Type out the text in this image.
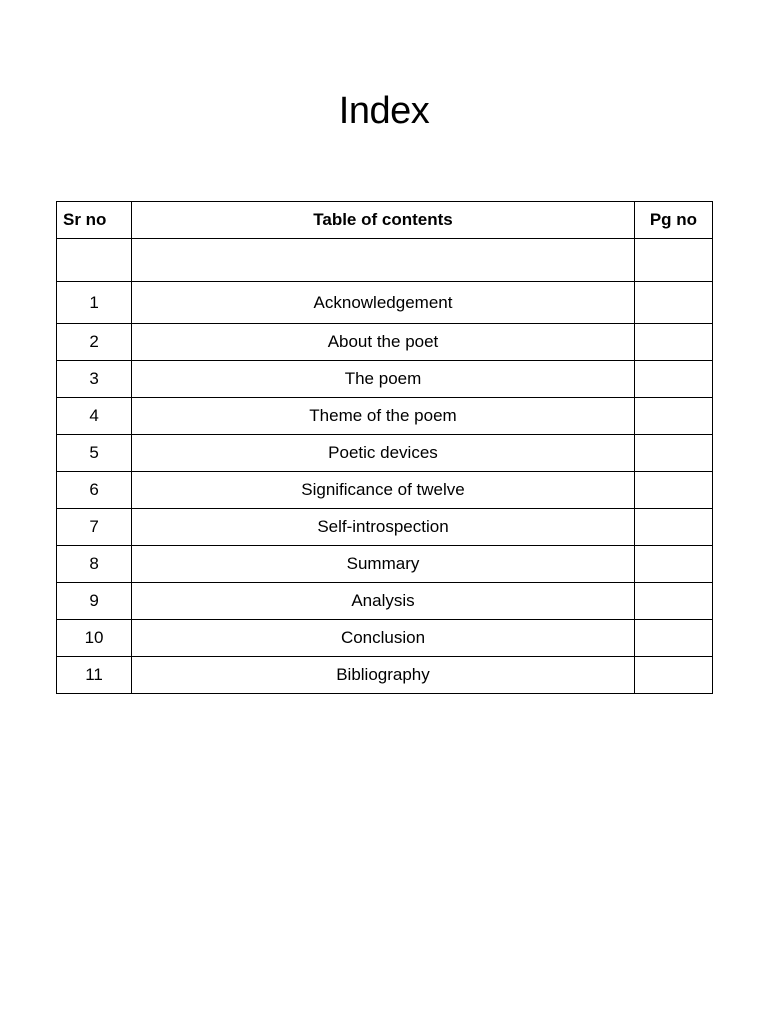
Index
Sr no	Table of contents	Pg no

1	Acknowledgement	
2	About the poet	
3	The poem	
4	Theme of the poem	
5	Poetic devices	
6	Significance of twelve	
7	Self-introspection	
8	Summary	
9	Analysis	
10	Conclusion	
11	Bibliography	
